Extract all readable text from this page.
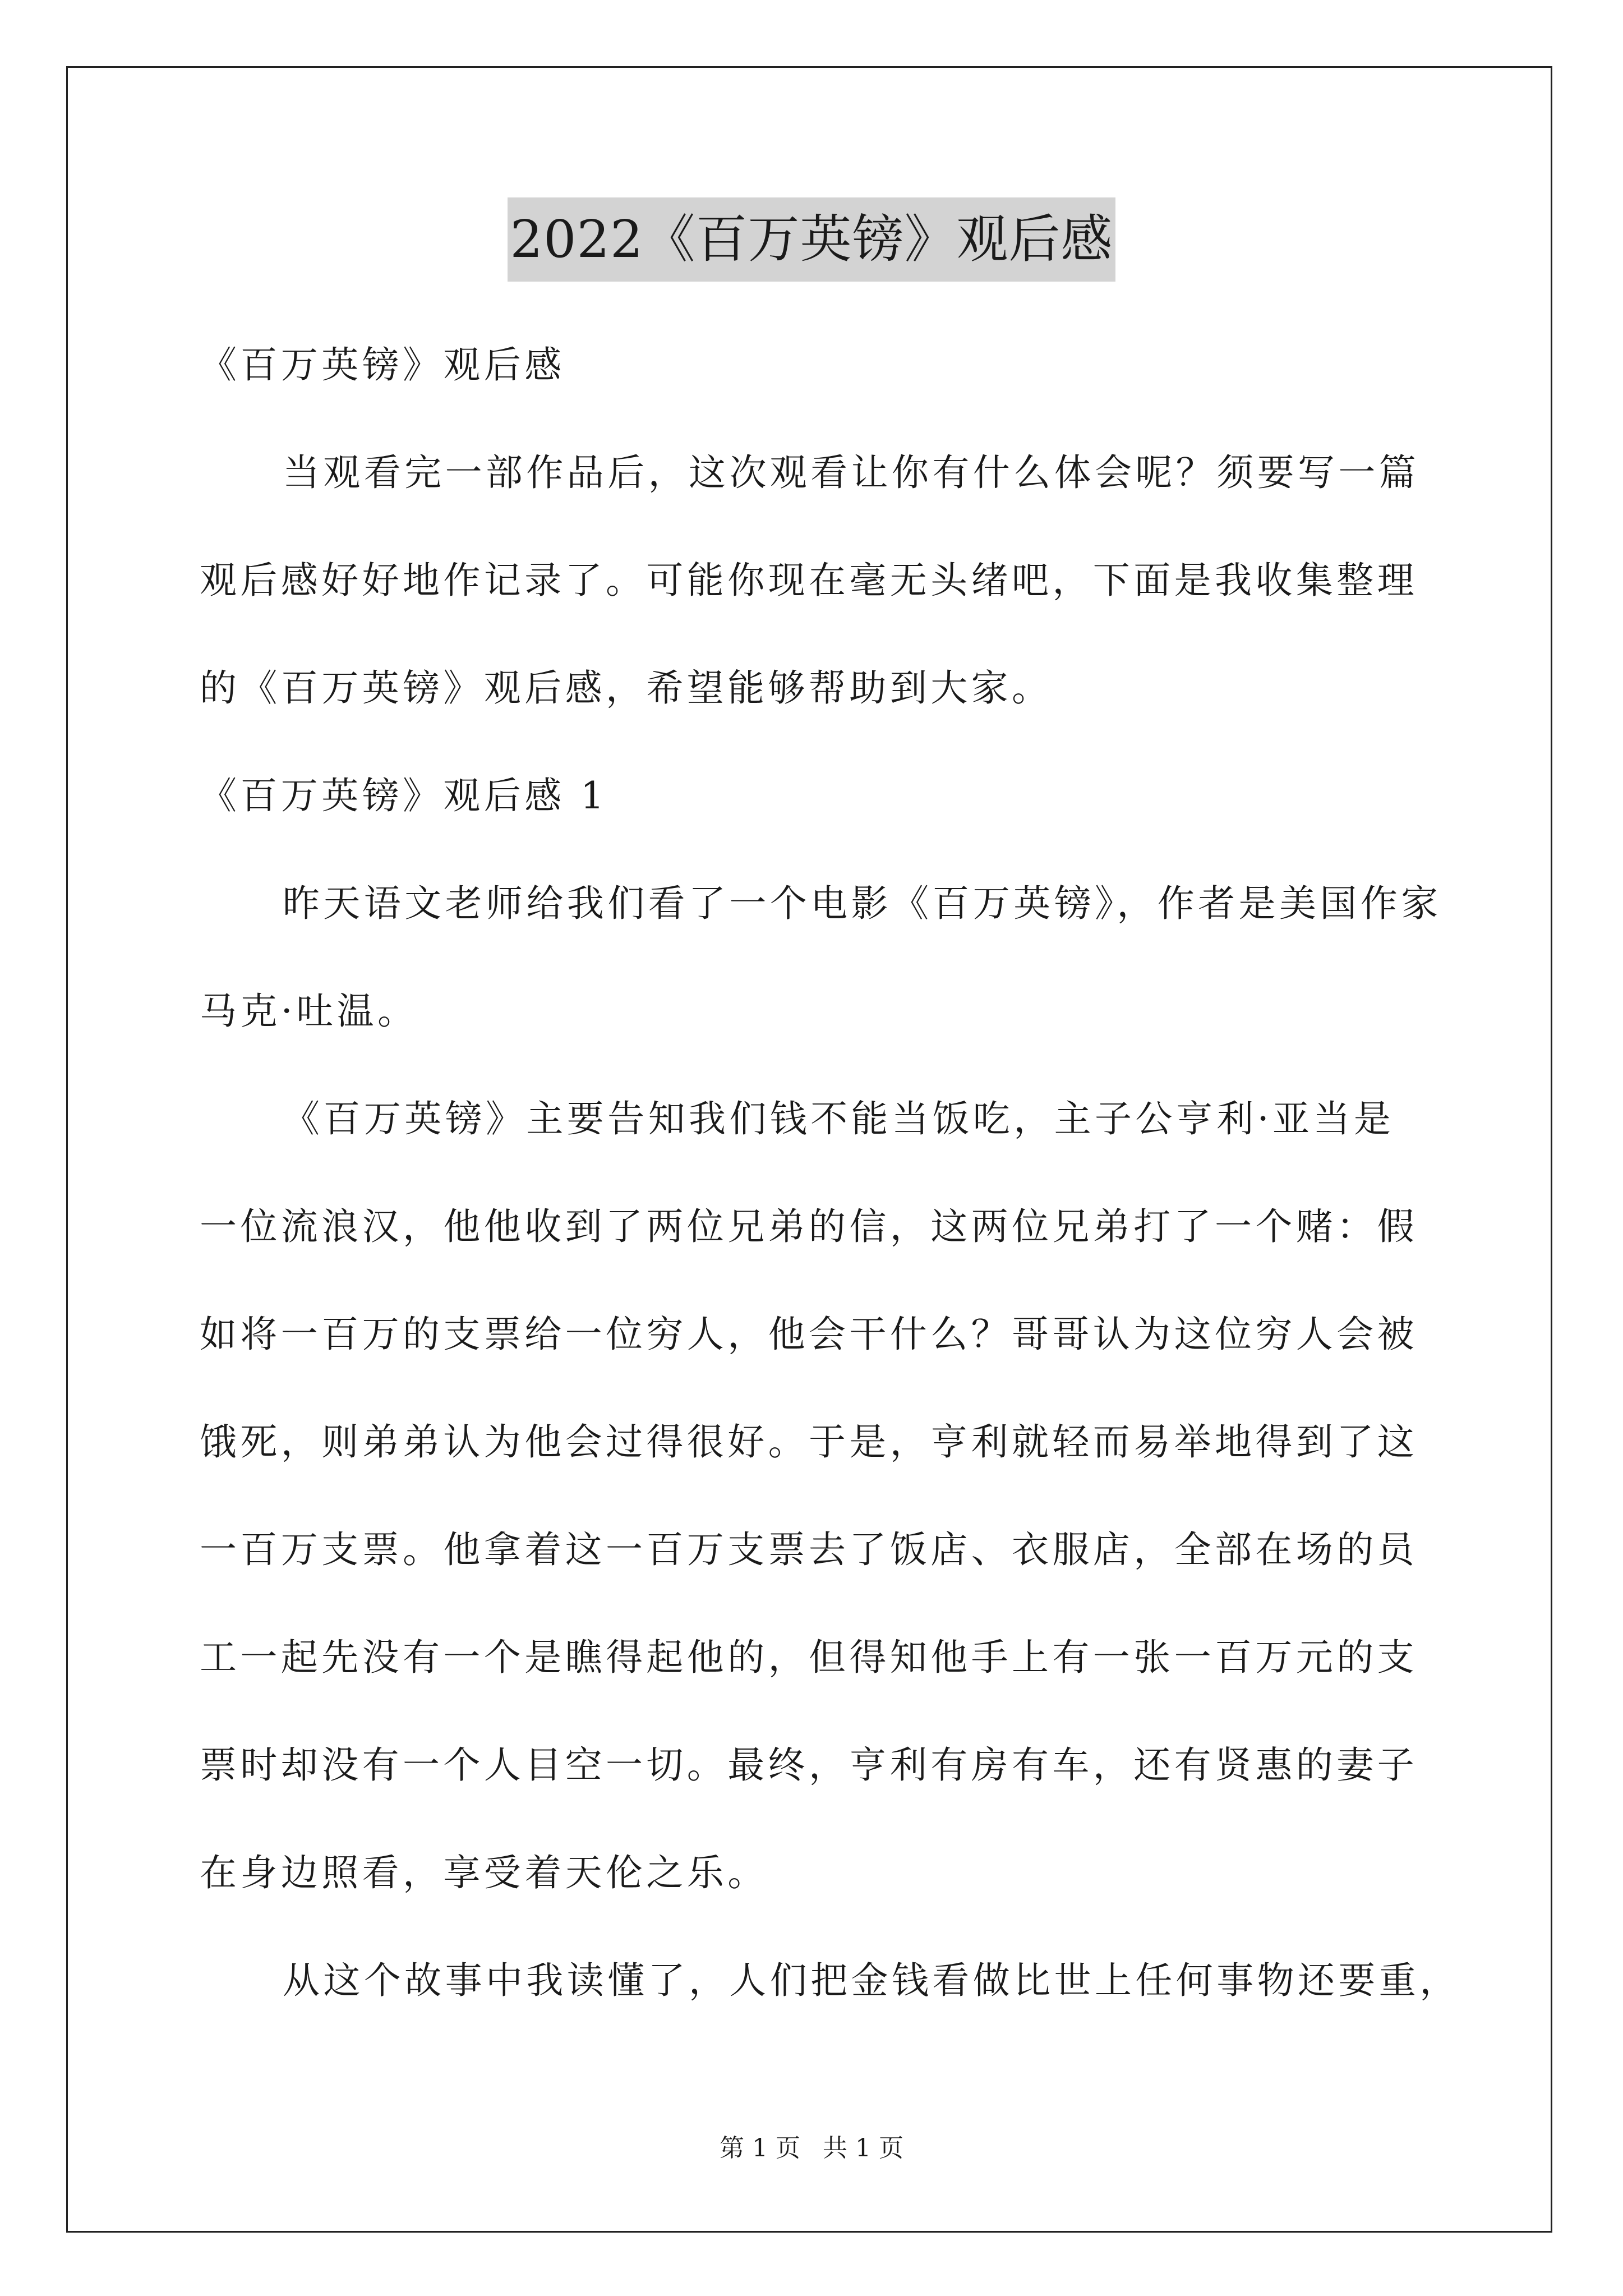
2022《百万英镑》观后感
《百万英镑》观后感
当观看完一部作品后，这次观看让你有什么体会呢？须要写一篇
观后感好好地作记录了。可能你现在毫无头绪吧，下面是我收集整理
的《百万英镑》观后感，希望能够帮助到大家。
《百万英镑》观后感 1
昨天语文老师给我们看了一个电影《百万英镑》，作者是美国作家
马克·吐温。
《百万英镑》主要告知我们钱不能当饭吃，主子公亨利·亚当是
一位流浪汉，他他收到了两位兄弟的信，这两位兄弟打了一个赌：假
如将一百万的支票给一位穷人，他会干什么？哥哥认为这位穷人会被
饿死，则弟弟认为他会过得很好。于是，亨利就轻而易举地得到了这
一百万支票。他拿着这一百万支票去了饭店、衣服店，全部在场的员
工一起先没有一个是瞧得起他的，但得知他手上有一张一百万元的支
票时却没有一个人目空一切。最终，亨利有房有车，还有贤惠的妻子
在身边照看，享受着天伦之乐。
从这个故事中我读懂了，人们把金钱看做比世上任何事物还要重，
第 1 页 共 1 页
